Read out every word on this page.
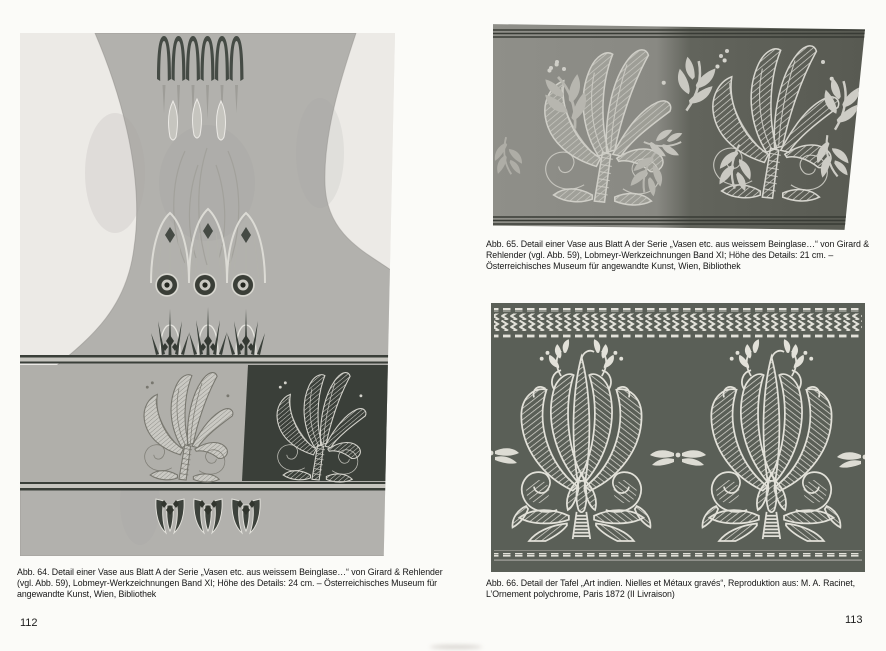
Abb. 64. Detail einer Vase aus Blatt A der Serie „Vasen etc. aus weissem Beinglase…“ von Girard & Rehlender (vgl. Abb. 59), Lobmeyr-Werkzeichnungen Band XI; Höhe des Details: 24 cm. – Österreichisches Museum für angewandte Kunst, Wien, Bibliothek
Abb. 65. Detail einer Vase aus Blatt A der Serie „Vasen etc. aus weissem Beinglase…“ von Girard & Rehlender (vgl. Abb. 59), Lobmeyr-Werkzeichnungen Band XI; Höhe des Details: 21 cm. – Österreichisches Museum für angewandte Kunst, Wien, Bibliothek
Abb. 66. Detail der Tafel „Art indien. Nielles et Métaux gravés“, Reproduktion aus: M. A. Racinet, L’Ornement polychrome, Paris 1872 (II Livraison)
112	113
